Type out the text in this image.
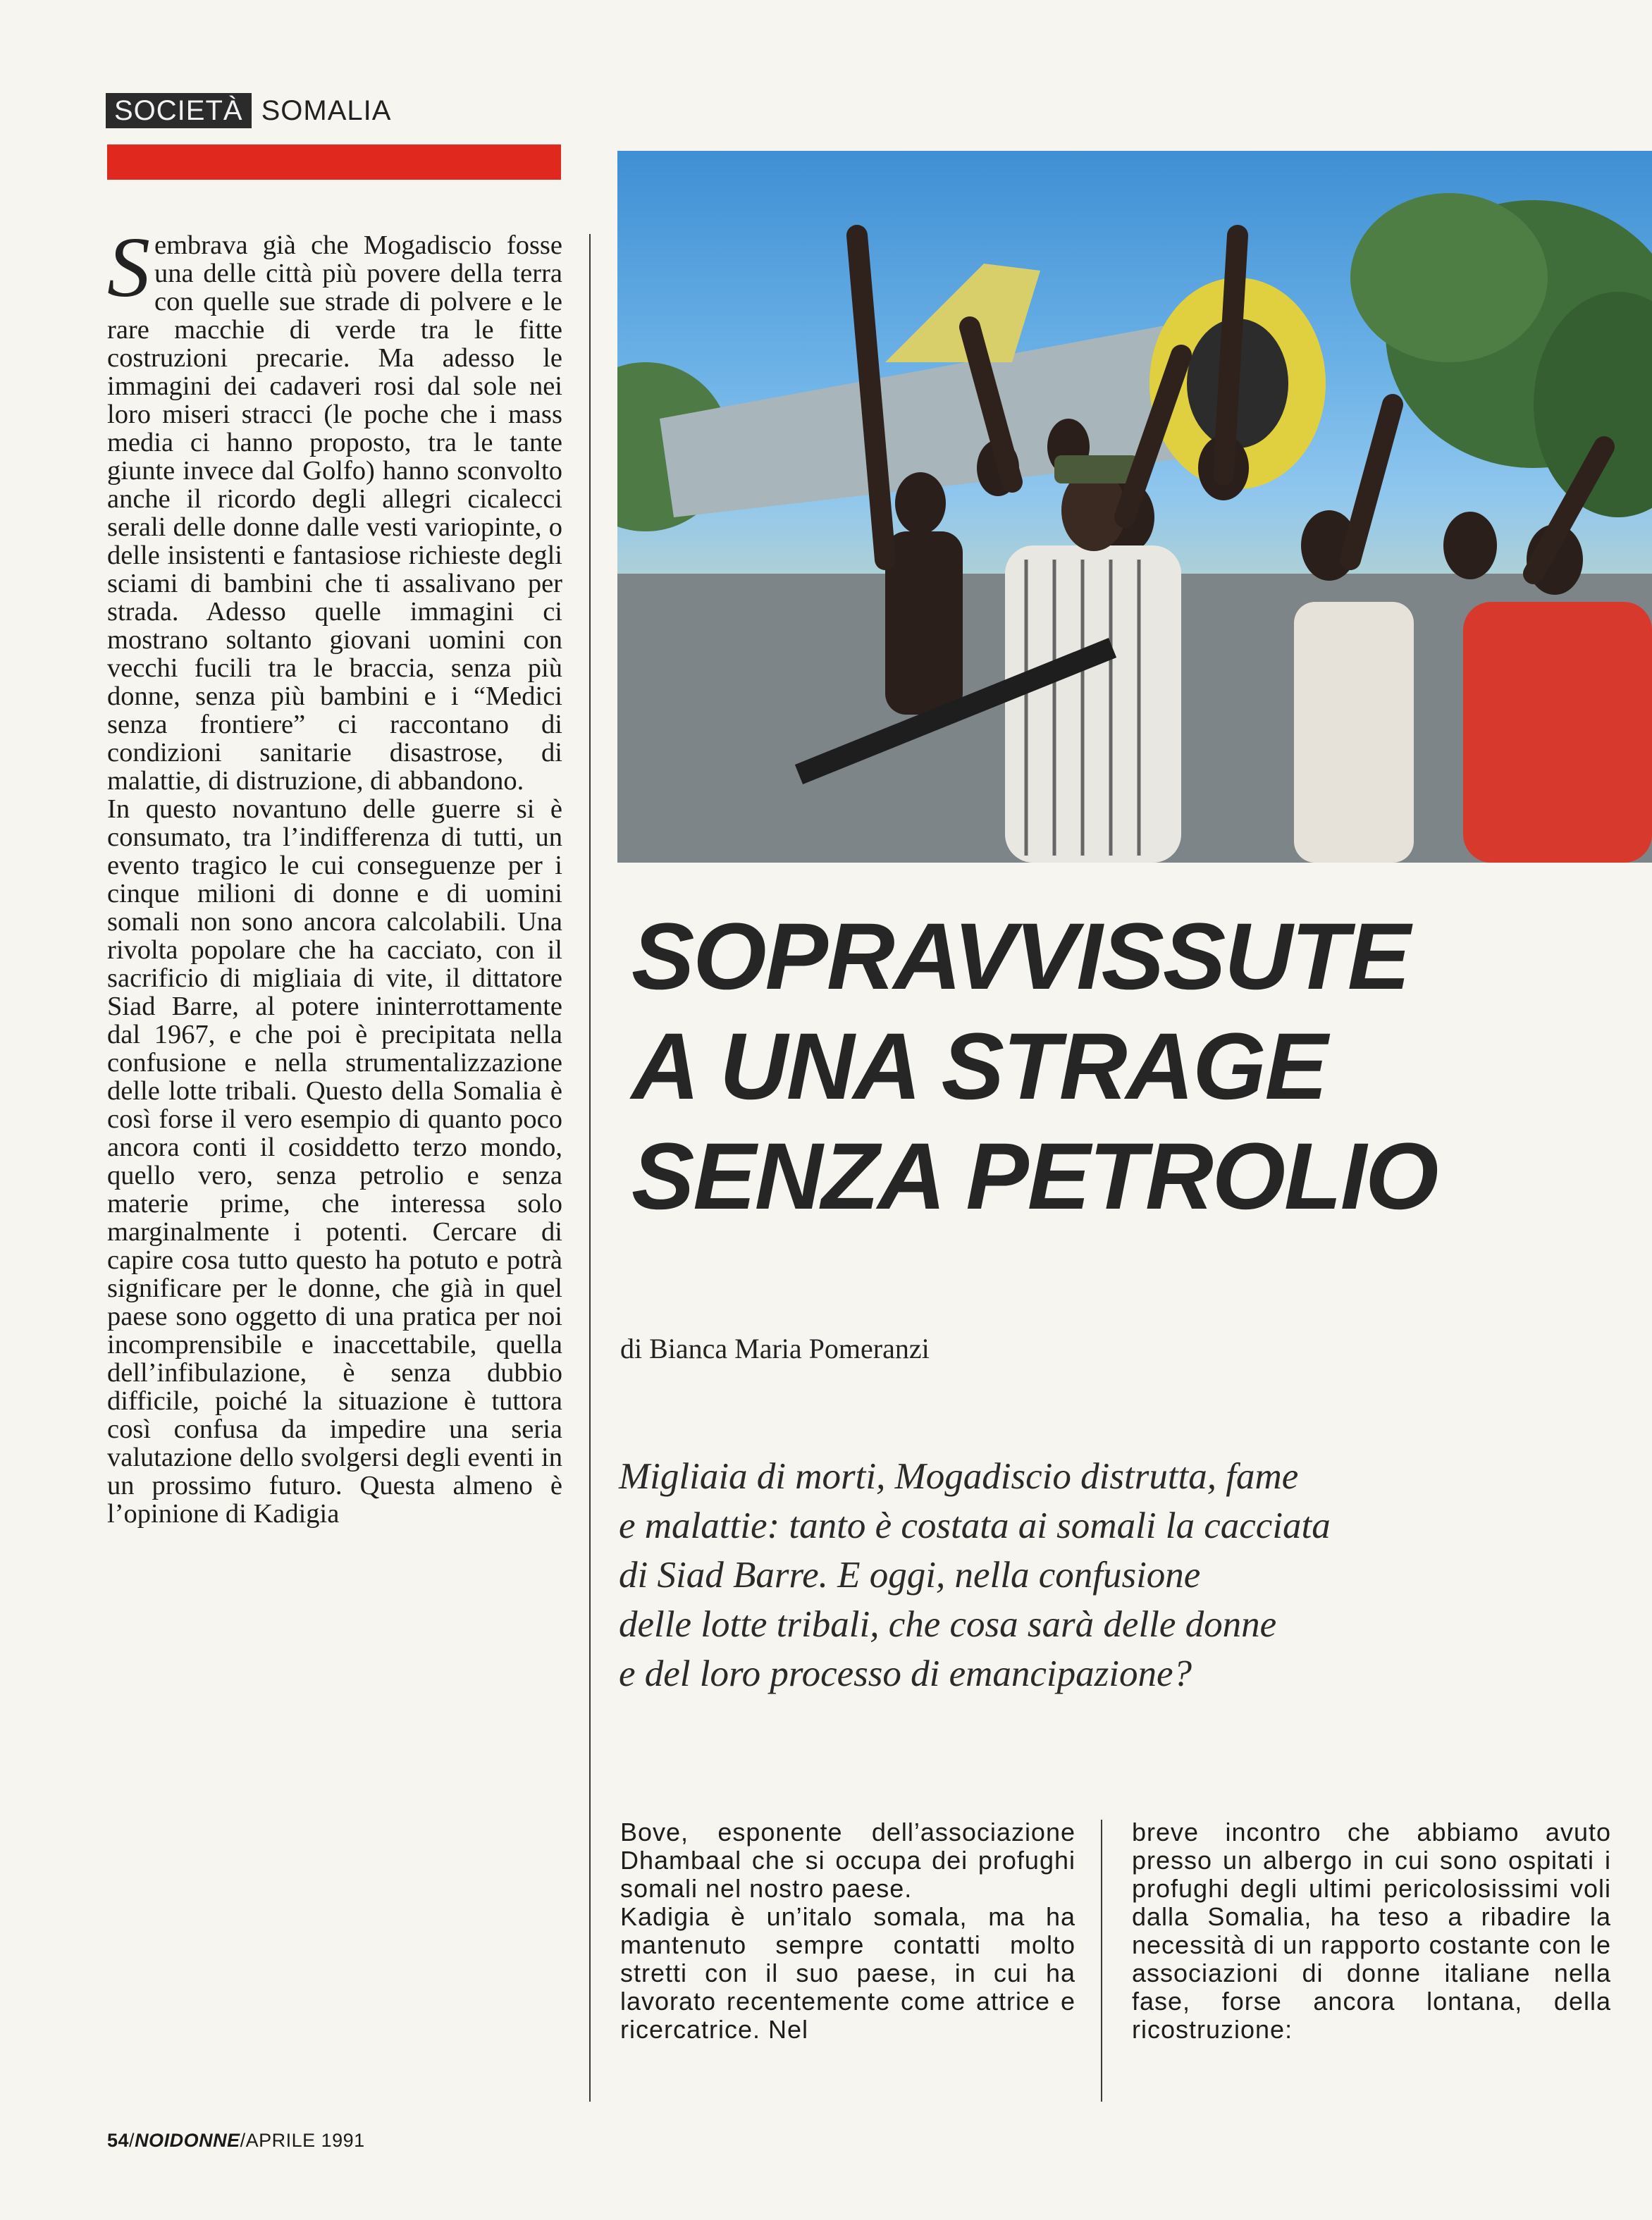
SOCIETÀ SOMALIA

Sembrava già che Mogadiscio fosse una delle città più povere della terra con quelle sue strade di polvere e le rare macchie di verde tra le fitte costruzioni precarie. Ma adesso le immagini dei cadaveri rosi dal sole nei loro miseri stracci (le poche che i mass media ci hanno proposto, tra le tante giunte invece dal Golfo) hanno sconvolto anche il ricordo degli allegri cicalecci serali delle donne dalle vesti variopinte, o delle insistenti e fantasiose richieste degli sciami di bambini che ti assalivano per strada. Adesso quelle immagini ci mostrano soltanto giovani uomini con vecchi fucili tra le braccia, senza più donne, senza più bambini e i “Medici senza frontiere” ci raccontano di condizioni sanitarie disastrose, di malattie, di distruzione, di abbandono.

In questo novantuno delle guerre si è consumato, tra l’indifferenza di tutti, un evento tragico le cui conseguenze per i cinque milioni di donne e di uomini somali non sono ancora calcolabili. Una rivolta popolare che ha cacciato, con il sacrificio di migliaia di vite, il dittatore Siad Barre, al potere ininterrottamente dal 1967, e che poi è precipitata nella confusione e nella strumentalizzazione delle lotte tribali. Questo della Somalia è così forse il vero esempio di quanto poco ancora conti il cosiddetto terzo mondo, quello vero, senza petrolio e senza materie prime, che interessa solo marginalmente i potenti. Cercare di capire cosa tutto questo ha potuto e potrà significare per le donne, che già in quel paese sono oggetto di una pratica per noi incomprensibile e inaccettabile, quella dell’infibulazione, è senza dubbio difficile, poiché la situazione è tuttora così confusa da impedire una seria valutazione dello svolgersi degli eventi in un prossimo futuro. Questa almeno è l’opinione di Kadigia

SOPRAVVISSUTE
A UNA STRAGE
SENZA PETROLIO
di Bianca Maria Pomeranzi
Migliaia di morti, Mogadiscio distrutta, fame
e malattie: tanto è costata ai somali la cacciata
di Siad Barre. E oggi, nella confusione
delle lotte tribali, che cosa sarà delle donne
e del loro processo di emancipazione?

Bove, esponente dell’associazione Dhambaal che si occupa dei profughi somali nel nostro paese.

Kadigia è un’italo somala, ma ha mantenuto sempre contatti molto stretti con il suo paese, in cui ha lavorato recentemente come attrice e ricercatrice. Nel

breve incontro che abbiamo avuto presso un albergo in cui sono ospitati i profughi degli ultimi pericolosissimi voli dalla Somalia, ha teso a ribadire la necessità di un rapporto costante con le associazioni di donne italiane nella fase, forse ancora lontana, della ricostruzione:

54/NOIDONNE/APRILE 1991
